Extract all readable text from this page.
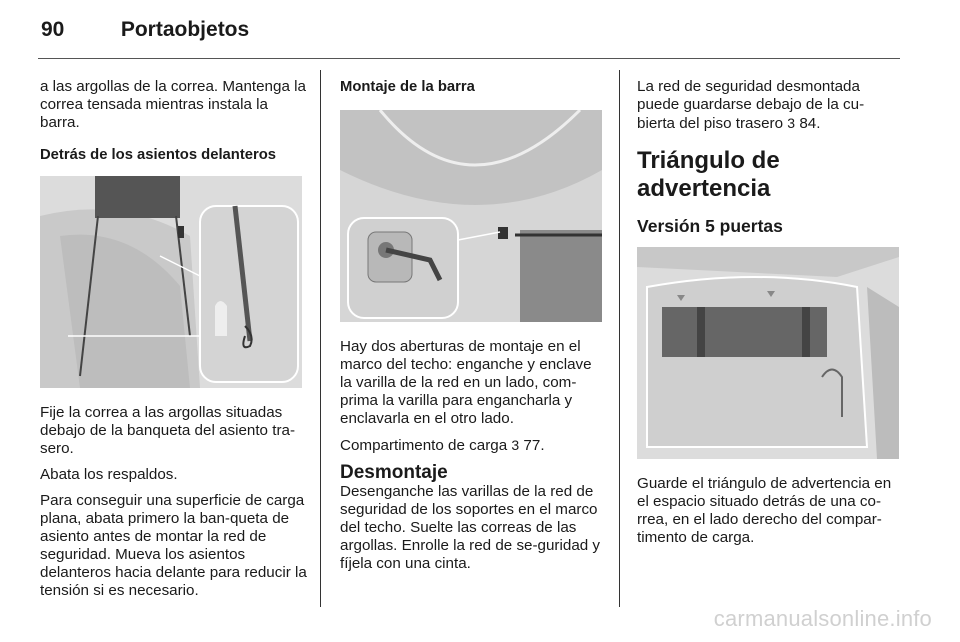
90	Portaobjetos

a las argollas de la correa. Mantenga la correa tensada mientras instala la barra.

Detrás de los asientos delanteros

Fije la correa a las argollas situadas debajo de la banqueta del asiento tra-sero.

Abata los respaldos.

Para conseguir una superficie de carga plana, abata primero la ban-queta de asiento antes de montar la red de seguridad. Mueva los asientos delanteros hacia delante para reducir la tensión si es necesario.

Montaje de la barra

Hay dos aberturas de montaje en el marco del techo: enganche y enclave la varilla de la red en un lado, com-prima la varilla para engancharla y enclavarla en el otro lado.

Compartimento de carga 3 77.

Desmontaje

Desenganche las varillas de la red de seguridad de los soportes en el marco del techo. Suelte las correas de las argollas. Enrolle la red de se-guridad y fíjela con una cinta.

La red de seguridad desmontada puede guardarse debajo de la cu-bierta del piso trasero 3 84.

Triángulo de advertencia
Versión 5 puertas

Guarde el triángulo de advertencia en el espacio situado detrás de una co-rrea, en el lado derecho del compar-timento de carga.

carmanualsonline.info
